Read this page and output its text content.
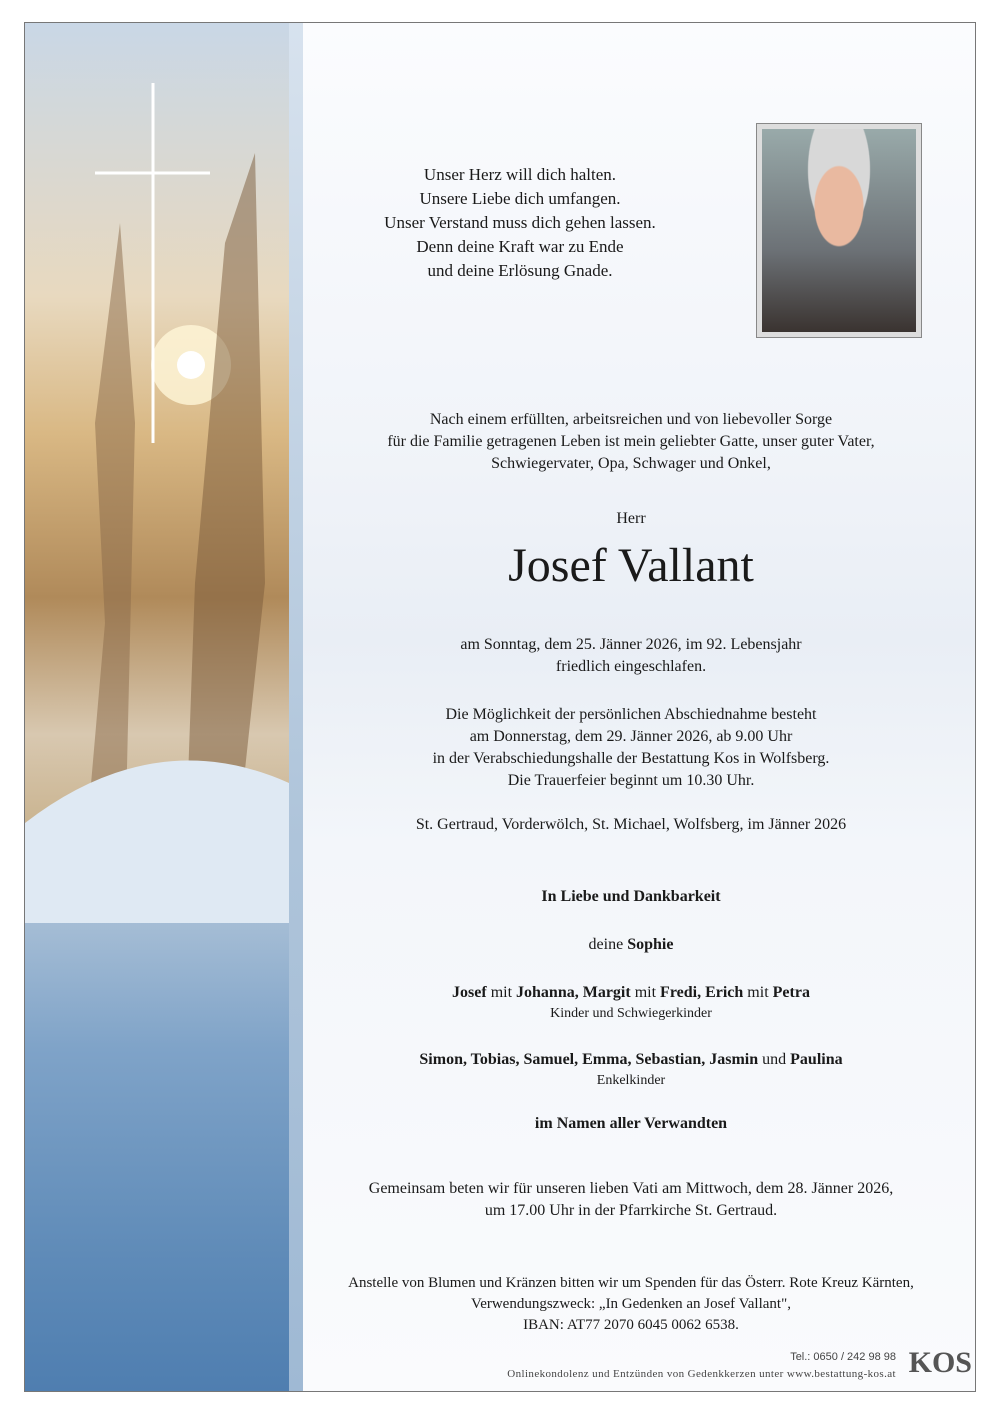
Unser Herz will dich halten.
Unsere Liebe dich umfangen.
Unser Verstand muss dich gehen lassen.
Denn deine Kraft war zu Ende
und deine Erlösung Gnade.
Nach einem erfüllten, arbeitsreichen und von liebevoller Sorge
für die Familie getragenen Leben ist mein geliebter Gatte, unser guter Vater,
Schwiegervater, Opa, Schwager und Onkel,
Herr
Josef Vallant
am Sonntag, dem 25. Jänner 2026, im 92. Lebensjahr
friedlich eingeschlafen.
Die Möglichkeit der persönlichen Abschiednahme besteht
am Donnerstag, dem 29. Jänner 2026, ab 9.00 Uhr
in der Verabschiedungshalle der Bestattung Kos in Wolfsberg.
Die Trauerfeier beginnt um 10.30 Uhr.
St. Gertraud, Vorderwölch, St. Michael, Wolfsberg, im Jänner 2026
In Liebe und Dankbarkeit
deine Sophie
Josef mit Johanna, Margit mit Fredi, Erich mit Petra
Kinder und Schwiegerkinder
Simon, Tobias, Samuel, Emma, Sebastian, Jasmin und Paulina
Enkelkinder
im Namen aller Verwandten
Gemeinsam beten wir für unseren lieben Vati am Mittwoch, dem 28. Jänner 2026,
um 17.00 Uhr in der Pfarrkirche St. Gertraud.
Anstelle von Blumen und Kränzen bitten wir um Spenden für das Österr. Rote Kreuz Kärnten,
Verwendungszweck: „In Gedenken an Josef Vallant",
IBAN: AT77 2070 6045 0062 6538.
Tel.: 0650 / 242 98 98
Onlinekondolenz und Entzünden von Gedenkkerzen unter www.bestattung-kos.at KOS
